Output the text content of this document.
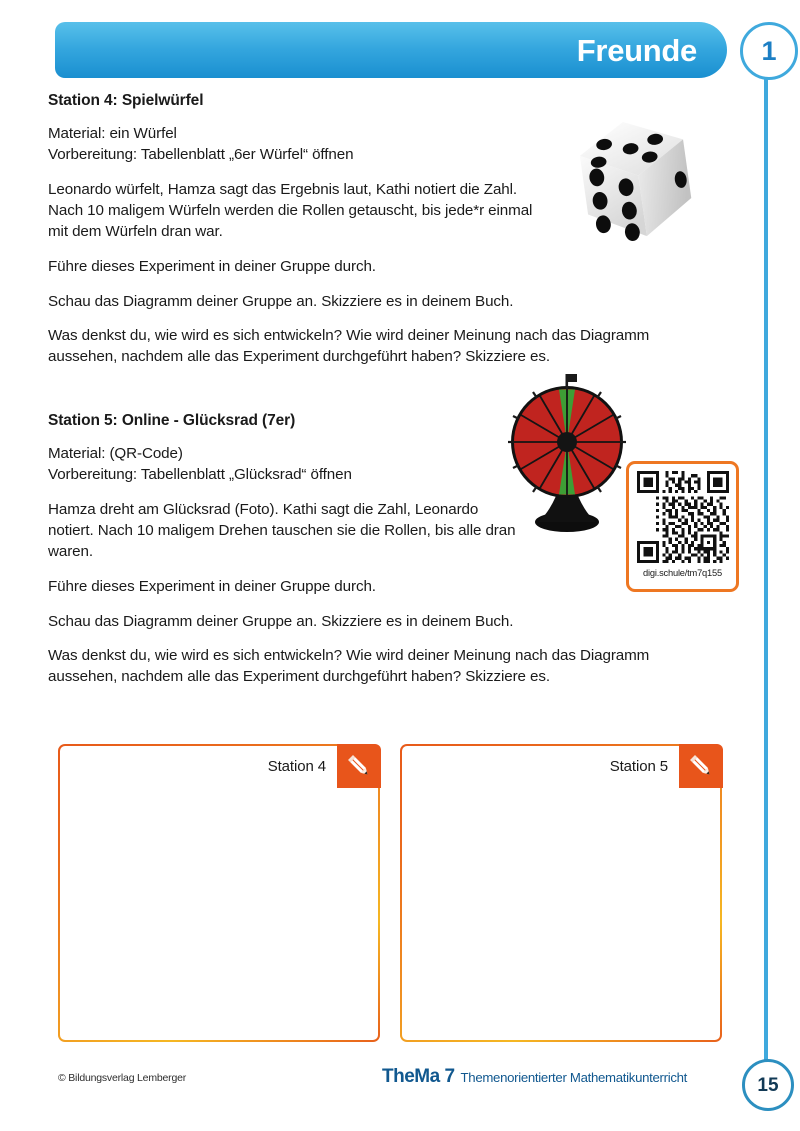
Freunde	1
Station 4: Spielwürfel

Material: ein Würfel

Vorbereitung: Tabellenblatt „6er Würfel“ öffnen

Leonardo würfelt, Hamza sagt das Ergebnis laut, Kathi notiert die Zahl. Nach 10 maligem Würfeln werden die Rollen getauscht, bis jede*r einmal mit dem Würfeln dran war.

Führe dieses Experiment in deiner Gruppe durch.

Schau das Diagramm deiner Gruppe an. Skizziere es in deinem Buch.

Was denkst du, wie wird es sich entwickeln? Wie wird deiner Meinung nach das Diagramm aussehen, nachdem alle das Experiment durchgeführt haben? Skizziere es.

Station 5: Online - Glücksrad (7er)

Material: (QR-Code)

Vorbereitung: Tabellenblatt „Glücksrad“ öffnen

Hamza dreht am Glücksrad (Foto). Kathi sagt die Zahl, Leonardo notiert. Nach 10 maligem Drehen tauschen sie die Rollen, bis alle dran waren.

Führe dieses Experiment in deiner Gruppe durch.

Schau das Diagramm deiner Gruppe an. Skizziere es in deinem Buch.

Was denkst du, wie wird es sich entwickeln? Wie wird deiner Meinung nach das Diagramm aussehen, nachdem alle das Experiment durchgeführt haben? Skizziere es.

digi.schule/tm7q155
Station 4	Station 5
© Bildungsverlag Lemberger	TheMa 7 Themenorientierter Mathematikunterricht	15
